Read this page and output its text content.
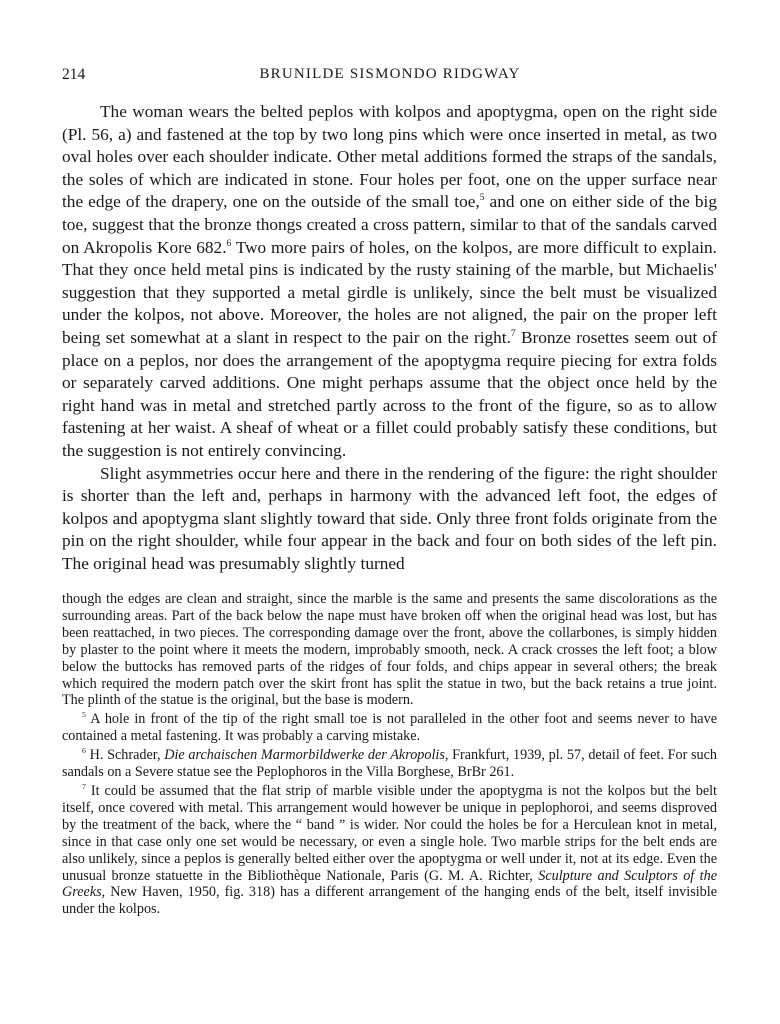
214	BRUNILDE SISMONDO RIDGWAY

The woman wears the belted peplos with kolpos and apoptygma, open on the right side (Pl. 56, a) and fastened at the top by two long pins which were once inserted in metal, as two oval holes over each shoulder indicate. Other metal additions formed the straps of the sandals, the soles of which are indicated in stone. Four holes per foot, one on the upper surface near the edge of the drapery, one on the outside of the small toe,$^5$ and one on either side of the big toe, suggest that the bronze thongs created a cross pattern, similar to that of the sandals carved on Akropolis Kore 682.$^6$ Two more pairs of holes, on the kolpos, are more difficult to explain. That they once held metal pins is indicated by the rusty staining of the marble, but Michaelis' suggestion that they supported a metal girdle is unlikely, since the belt must be visualized under the kolpos, not above. Moreover, the holes are not aligned, the pair on the proper left being set somewhat at a slant in respect to the pair on the right.$^7$ Bronze rosettes seem out of place on a peplos, nor does the arrangement of the apoptygma require piecing for extra folds or separately carved additions. One might perhaps assume that the object once held by the right hand was in metal and stretched partly across to the front of the figure, so as to allow fastening at her waist. A sheaf of wheat or a fillet could probably satisfy these conditions, but the suggestion is not entirely convincing.

Slight asymmetries occur here and there in the rendering of the figure: the right shoulder is shorter than the left and, perhaps in harmony with the advanced left foot, the edges of kolpos and apoptygma slant slightly toward that side. Only three front folds originate from the pin on the right shoulder, while four appear in the back and four on both sides of the left pin. The original head was presumably slightly turned

though the edges are clean and straight, since the marble is the same and presents the same discolorations as the surrounding areas. Part of the back below the nape must have broken off when the original head was lost, but has been reattached, in two pieces. The corresponding damage over the front, above the collarbones, is simply hidden by plaster to the point where it meets the modern, improbably smooth, neck. A crack crosses the left foot; a blow below the buttocks has removed parts of the ridges of four folds, and chips appear in several others; the break which required the modern patch over the skirt front has split the statue in two, but the back retains a true joint. The plinth of the statue is the original, but the base is modern.

$^5$ A hole in front of the tip of the right small toe is not paralleled in the other foot and seems never to have contained a metal fastening. It was probably a carving mistake.

$^6$ H. Schrader, Die archaischen Marmorbildwerke der Akropolis, Frankfurt, 1939, pl. 57, detail of feet. For such sandals on a Severe statue see the Peplophoros in the Villa Borghese, BrBr 261.

$^7$ It could be assumed that the flat strip of marble visible under the apoptygma is not the kolpos but the belt itself, once covered with metal. This arrangement would however be unique in peplophoroi, and seems disproved by the treatment of the back, where the “ band ” is wider. Nor could the holes be for a Herculean knot in metal, since in that case only one set would be necessary, or even a single hole. Two marble strips for the belt ends are also unlikely, since a peplos is generally belted either over the apoptygma or well under it, not at its edge. Even the unusual bronze statuette in the Bibliothèque Nationale, Paris (G. M. A. Richter, Sculpture and Sculptors of the Greeks, New Haven, 1950, fig. 318) has a different arrangement of the hanging ends of the belt, itself invisible under the kolpos.
